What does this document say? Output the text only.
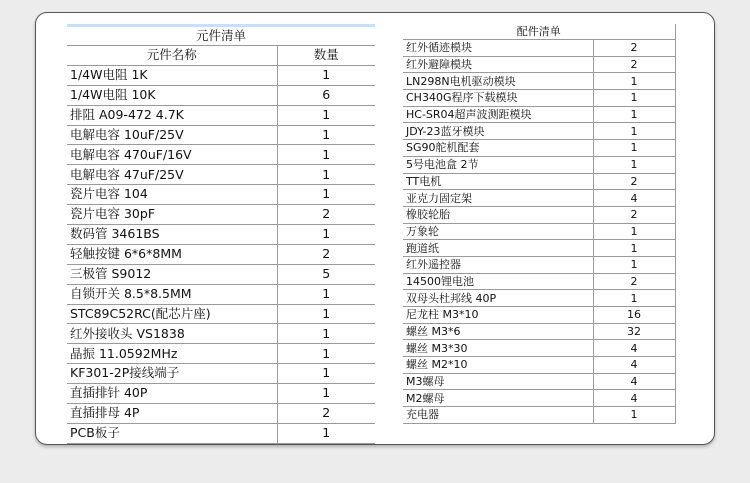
元件清单	
元件名称	数量
1/4W电阻 1K	1
1/4W电阻 10K	6
排阻 A09-472 4.7K	1
电解电容 10uF/25V	1
电解电容 470uF/16V	1
电解电容 47uF/25V	1
瓷片电容 104	1
瓷片电容 30pF	2
数码管 3461BS	1
轻触按键 6*6*8MM	2
三极管 S9012	5
自锁开关 8.5*8.5MM	1
STC89C52RC(配芯片座)	1
红外接收头 VS1838	1
晶振 11.0592MHz	1
KF301-2P接线端子	1
直插排针 40P	1
直插排母 4P	2
PCB板子	1
配件清单	
红外循迹模块	2
红外避障模块	2
LN298N电机驱动模块	1
CH340G程序下载模块	1
HC-SR04超声波测距模块	1
JDY-23蓝牙模块	1
SG90舵机配套	1
5号电池盒 2节	1
TT电机	2
亚克力固定架	4
橡胶轮胎	2
万象轮	1
跑道纸	1
红外遥控器	1
14500锂电池	2
双母头杜邦线 40P	1
尼龙柱 M3*10	16
螺丝 M3*6	32
螺丝 M3*30	4
螺丝 M2*10	4
M3螺母	4
M2螺母	4
充电器	1
